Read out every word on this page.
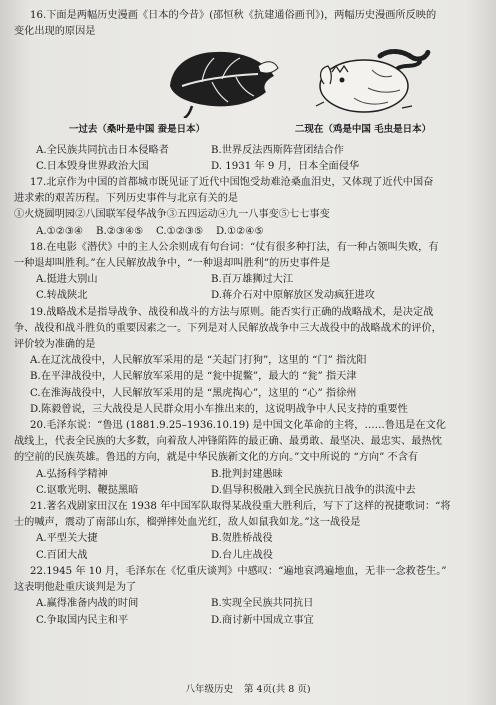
16.下面是两幅历史漫画《日本的今昔》(邵恒秋《抗建通俗画刊》)，两幅历史漫画所反映的
变化出现的原因是
一过去（桑叶是中国 蚕是日本）	二现在（鸡是中国 毛虫是日本）
A.全民族共同抗击日本侵略者	B.世界反法西斯阵营团结合作
C.日本毁身世界政治大国	D. 1931 年 9 月，日本全面侵华
17.北京作为中国的首都城市既见证了近代中国饱受劫难沧桑血泪史，又体现了近代中国奋
进求索的艰苦历程。下列历史事件与北京有关的是
①火烧圆明园②八国联军侵华战争③五四运动④九一八事变⑤七七事变
A.①②③④	B.②③④⑤	C.①②③⑤	D.①②④⑤
18.在电影《潜伏》中的主人公余则成有句台词：“仗有很多种打法，有一种占领叫失败，有
一种退却叫胜利。”在人民解放战争中，“一种退却叫胜利”的历史事件是
A.挺进大别山	B.百万雄狮过大江
C.转战陕北	D.蒋介石对中原解放区发动疯狂进攻
19.战略战术是指导战争、战役和战斗的方法与原则。能否实行正确的战略战术，是决定战
争、战役和战斗胜负的重要因素之一。下列是对人民解放战争中三大战役中的战略战术的评价，
评价较为准确的是
A.在辽沈战役中，人民解放军采用的是 “关起门打狗”，这里的 “门” 指沈阳
B.在平津战役中，人民解放军采用的是 “瓮中捉鳖”，最大的 “瓮” 指天津
C.在淮海战役中，人民解放军采用的是 “黑虎掏心”，这里的 “心” 指徐州
D.陈毅曾说，三大战役是人民群众用小车推出来的，这说明战争中人民支持的重要性
20.毛泽东说：“鲁迅 (1881.9.25–1936.10.19) 是中国文化革命的主将，……鲁迅是在文化
战线上，代表全民族的大多数，向着敌人冲锋陷阵的最正确、最勇敢、最坚决、最忠实、最热忱
的空前的民族英雄。鲁迅的方向，就是中华民族新文化的方向。”文中所说的 “方向” 不含有
A.弘扬科学精神	B.批判封建愚昧
C.讴歌光明、鞭挞黑暗	D.倡导积极融入到全民族抗日战争的洪流中去
21.著名戏剧家田汉在 1938 年中国军队取得某战役重大胜利后，写下了这样的祝捷歌词：“将
士的喊声，震动了南部山东，榴弹摔处血光红，敌人如鼠我如龙。”这一战役是
A.平型关大捷	B.贺胜桥战役
C.百团大战	D.台儿庄战役
22.1945 年 10 月，毛泽东在《忆重庆谈判》中感叹：“遍地哀鸿遍地血，无非一念救苍生。”
这表明他赴重庆谈判是为了
A.赢得准备内战的时间	B.实现全民族共同抗日
C.争取国内民主和平	D.商讨新中国成立事宜
八年级历史 第 4页(共 8 页)
